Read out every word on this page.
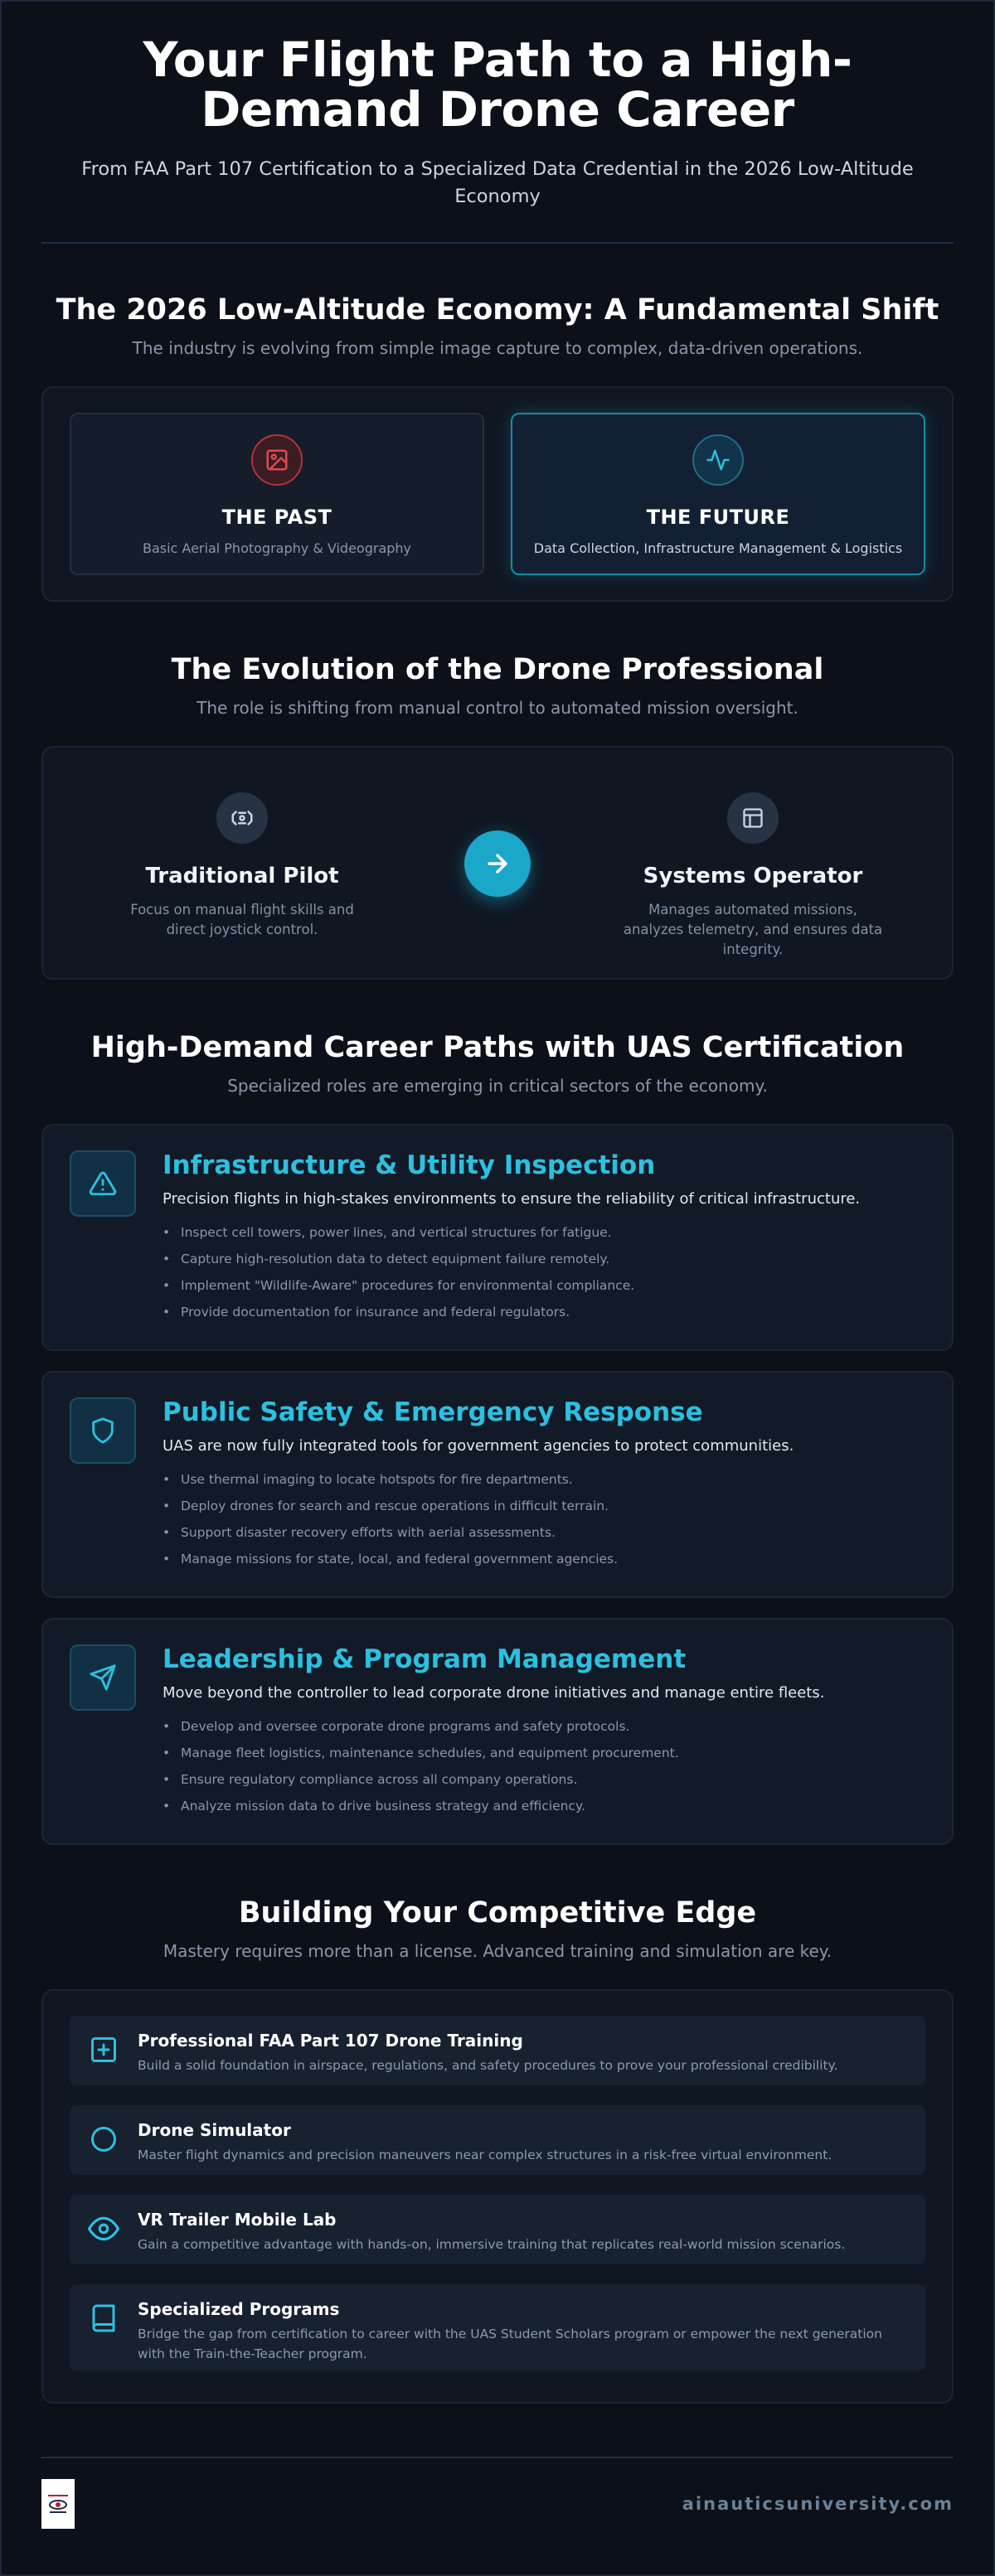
Your Flight Path to a High-Demand Drone Career

From FAA Part 107 Certification to a Specialized Data Credential in the 2026 Low-Altitude Economy

The 2026 Low-Altitude Economy: A Fundamental Shift

The industry is evolving from simple image capture to complex, data-driven operations.

THE PAST
Basic Aerial Photography & Videography
THE FUTURE
Data Collection, Infrastructure Management & Logistics
The Evolution of the Drone Professional

The role is shifting from manual control to automated mission oversight.

Traditional Pilot
Focus on manual flight skills and direct joystick control.
Systems Operator
Manages automated missions, analyzes telemetry, and ensures data integrity.
High-Demand Career Paths with UAS Certification

Specialized roles are emerging in critical sectors of the economy.

Infrastructure & Utility Inspection
Precision flights in high-stakes environments to ensure the reliability of critical infrastructure.
• Inspect cell towers, power lines, and vertical structures for fatigue.
• Capture high-resolution data to detect equipment failure remotely.
• Implement "Wildlife-Aware" procedures for environmental compliance.
• Provide documentation for insurance and federal regulators.
Public Safety & Emergency Response
UAS are now fully integrated tools for government agencies to protect communities.
• Use thermal imaging to locate hotspots for fire departments.
• Deploy drones for search and rescue operations in difficult terrain.
• Support disaster recovery efforts with aerial assessments.
• Manage missions for state, local, and federal government agencies.
Leadership & Program Management
Move beyond the controller to lead corporate drone initiatives and manage entire fleets.
• Develop and oversee corporate drone programs and safety protocols.
• Manage fleet logistics, maintenance schedules, and equipment procurement.
• Ensure regulatory compliance across all company operations.
• Analyze mission data to drive business strategy and efficiency.
Building Your Competitive Edge

Mastery requires more than a license. Advanced training and simulation are key.

Professional FAA Part 107 Drone Training
Build a solid foundation in airspace, regulations, and safety procedures to prove your professional credibility.
Drone Simulator
Master flight dynamics and precision maneuvers near complex structures in a risk-free virtual environment.
VR Trailer Mobile Lab
Gain a competitive advantage with hands-on, immersive training that replicates real-world mission scenarios.
Specialized Programs
Bridge the gap from certification to career with the UAS Student Scholars program or empower the next generation with the Train-the-Teacher program.
ainauticsuniversity.com
